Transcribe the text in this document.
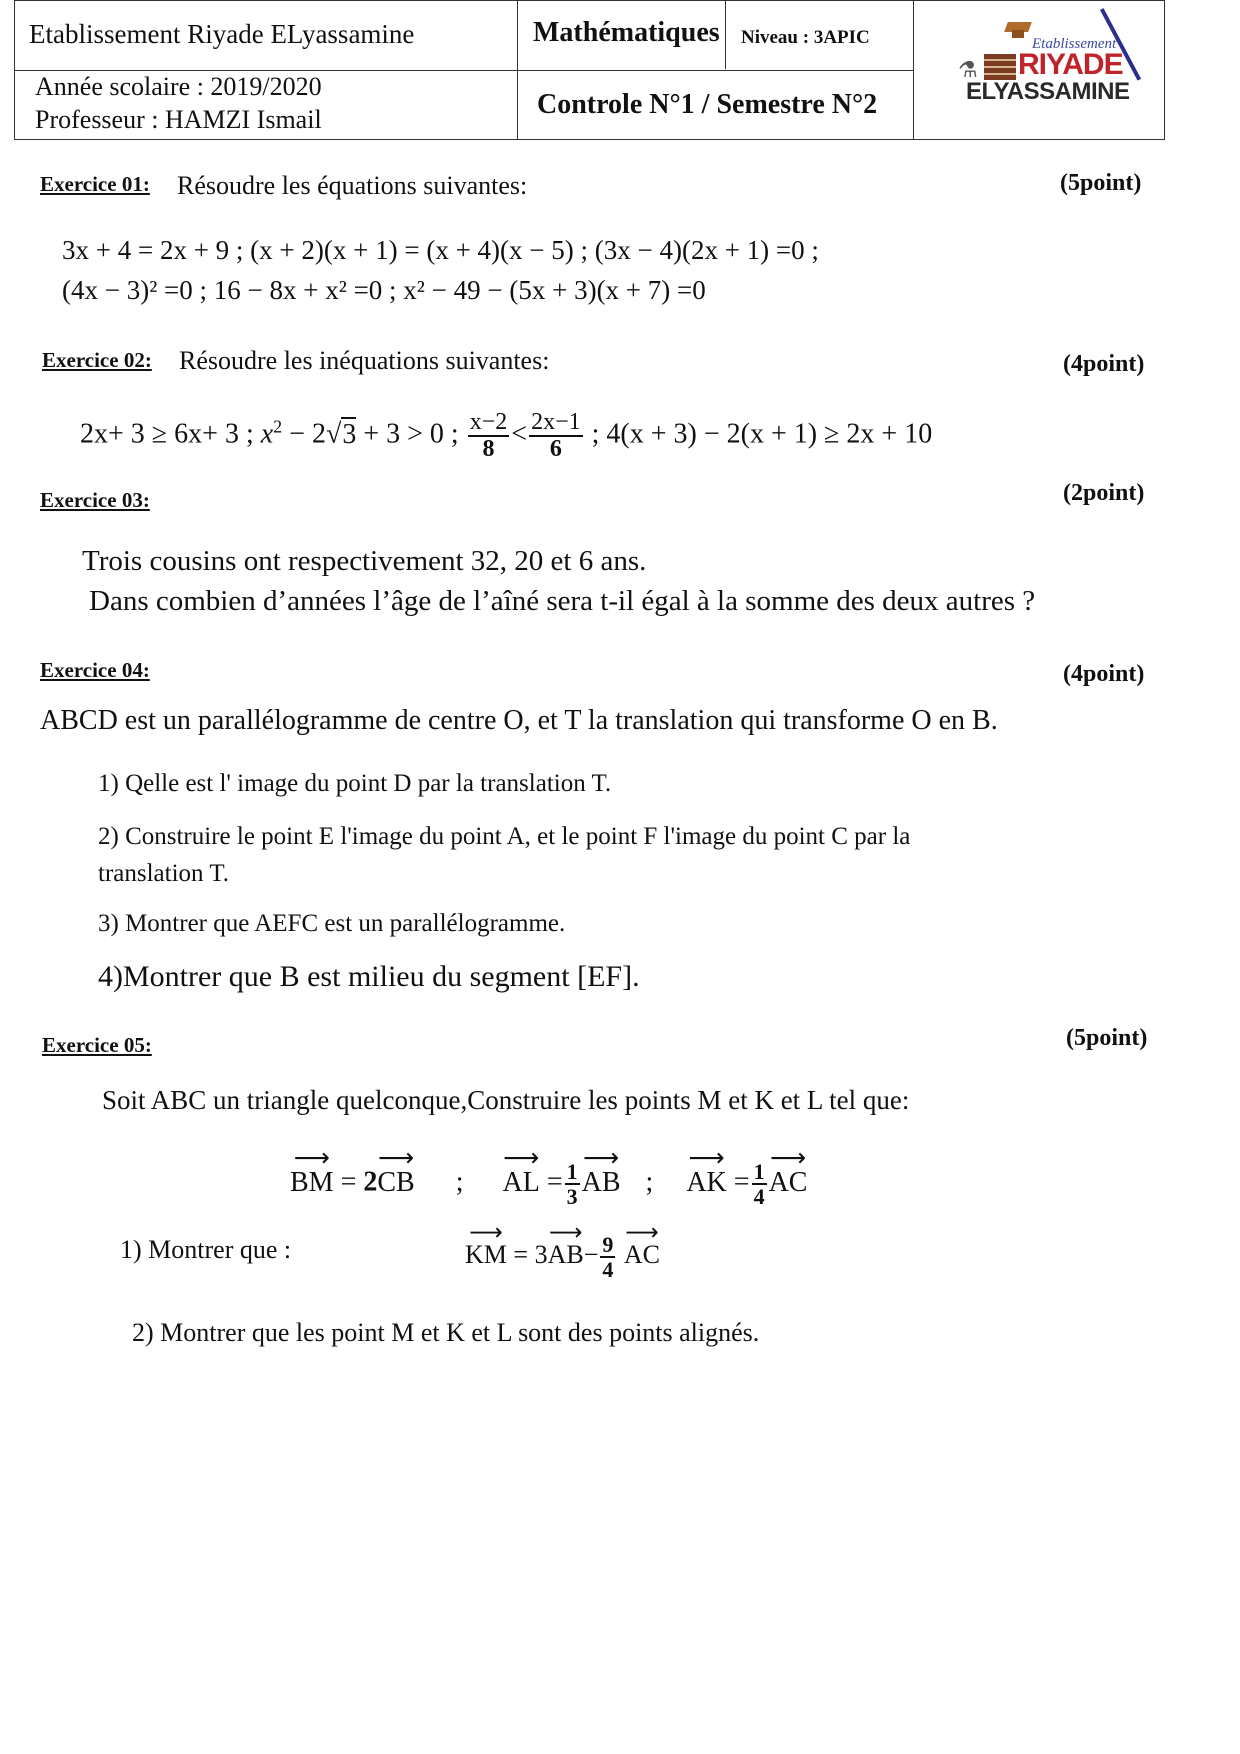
Etablissement Riyade ELyassamine	Mathématiques Niveau : 3APIC
Année scolaire : 2019/2020
Professeur : HAMZI Ismail	Controle N°1 / Semestre N°2
⚗
Etablissement
RIYADE
ELYASSAMINE
Exercice 01: Résoudre les équations suivantes:	(5point)
3x + 4 = 2x + 9 ; (x + 2)(x + 1) = (x + 4)(x − 5) ; (3x − 4)(2x + 1) =0 ;
(4x − 3)² =0 ; 16 − 8x + x² =0 ; x² − 49 − (5x + 3)(x + 7) =0
Exercice 02: Résoudre les inéquations suivantes:	(4point)
2x+ 3 ≥ 6x+ 3 ; $x^2 - 2√3 + 3 > 0$ ; $\frac{x-2}{8} < \frac{2x-1}{6}$ ; 4(x + 3) − 2(x + 1) ≥ 2x + 10
Exercice 03:	(2point)
Trois cousins ont respectivement 32, 20 et 6 ans.
Dans combien d’années l’âge de l’aîné sera t-il égal à la somme des deux autres ?
Exercice 04:	(4point)
ABCD est un parallélogramme de centre O, et T la translation qui transforme O en B.
1) Qelle est l' image du point D par la translation T.
2) Construire le point E l'image du point A, et le point F l'image du point C par la
translation T.
3) Montrer que AEFC est un parallélogramme.
4)Montrer que B est milieu du segment [EF].
Exercice 05:	(5point)
Soit ABC un triangle quelconque,Construire les points M et K et L tel que:
⟶ BM = 2⟶ CB ; ⟶ AL = $\frac{1}{3}$ ⟶ AB ; ⟶ AK = $\frac{1}{4}$ ⟶ AC
1) Montrer que :	⟶ KM = 3⟶ $AB- \frac{9}{4}$ ⟶ AC
2) Montrer que les point M et K et L sont des points alignés.
